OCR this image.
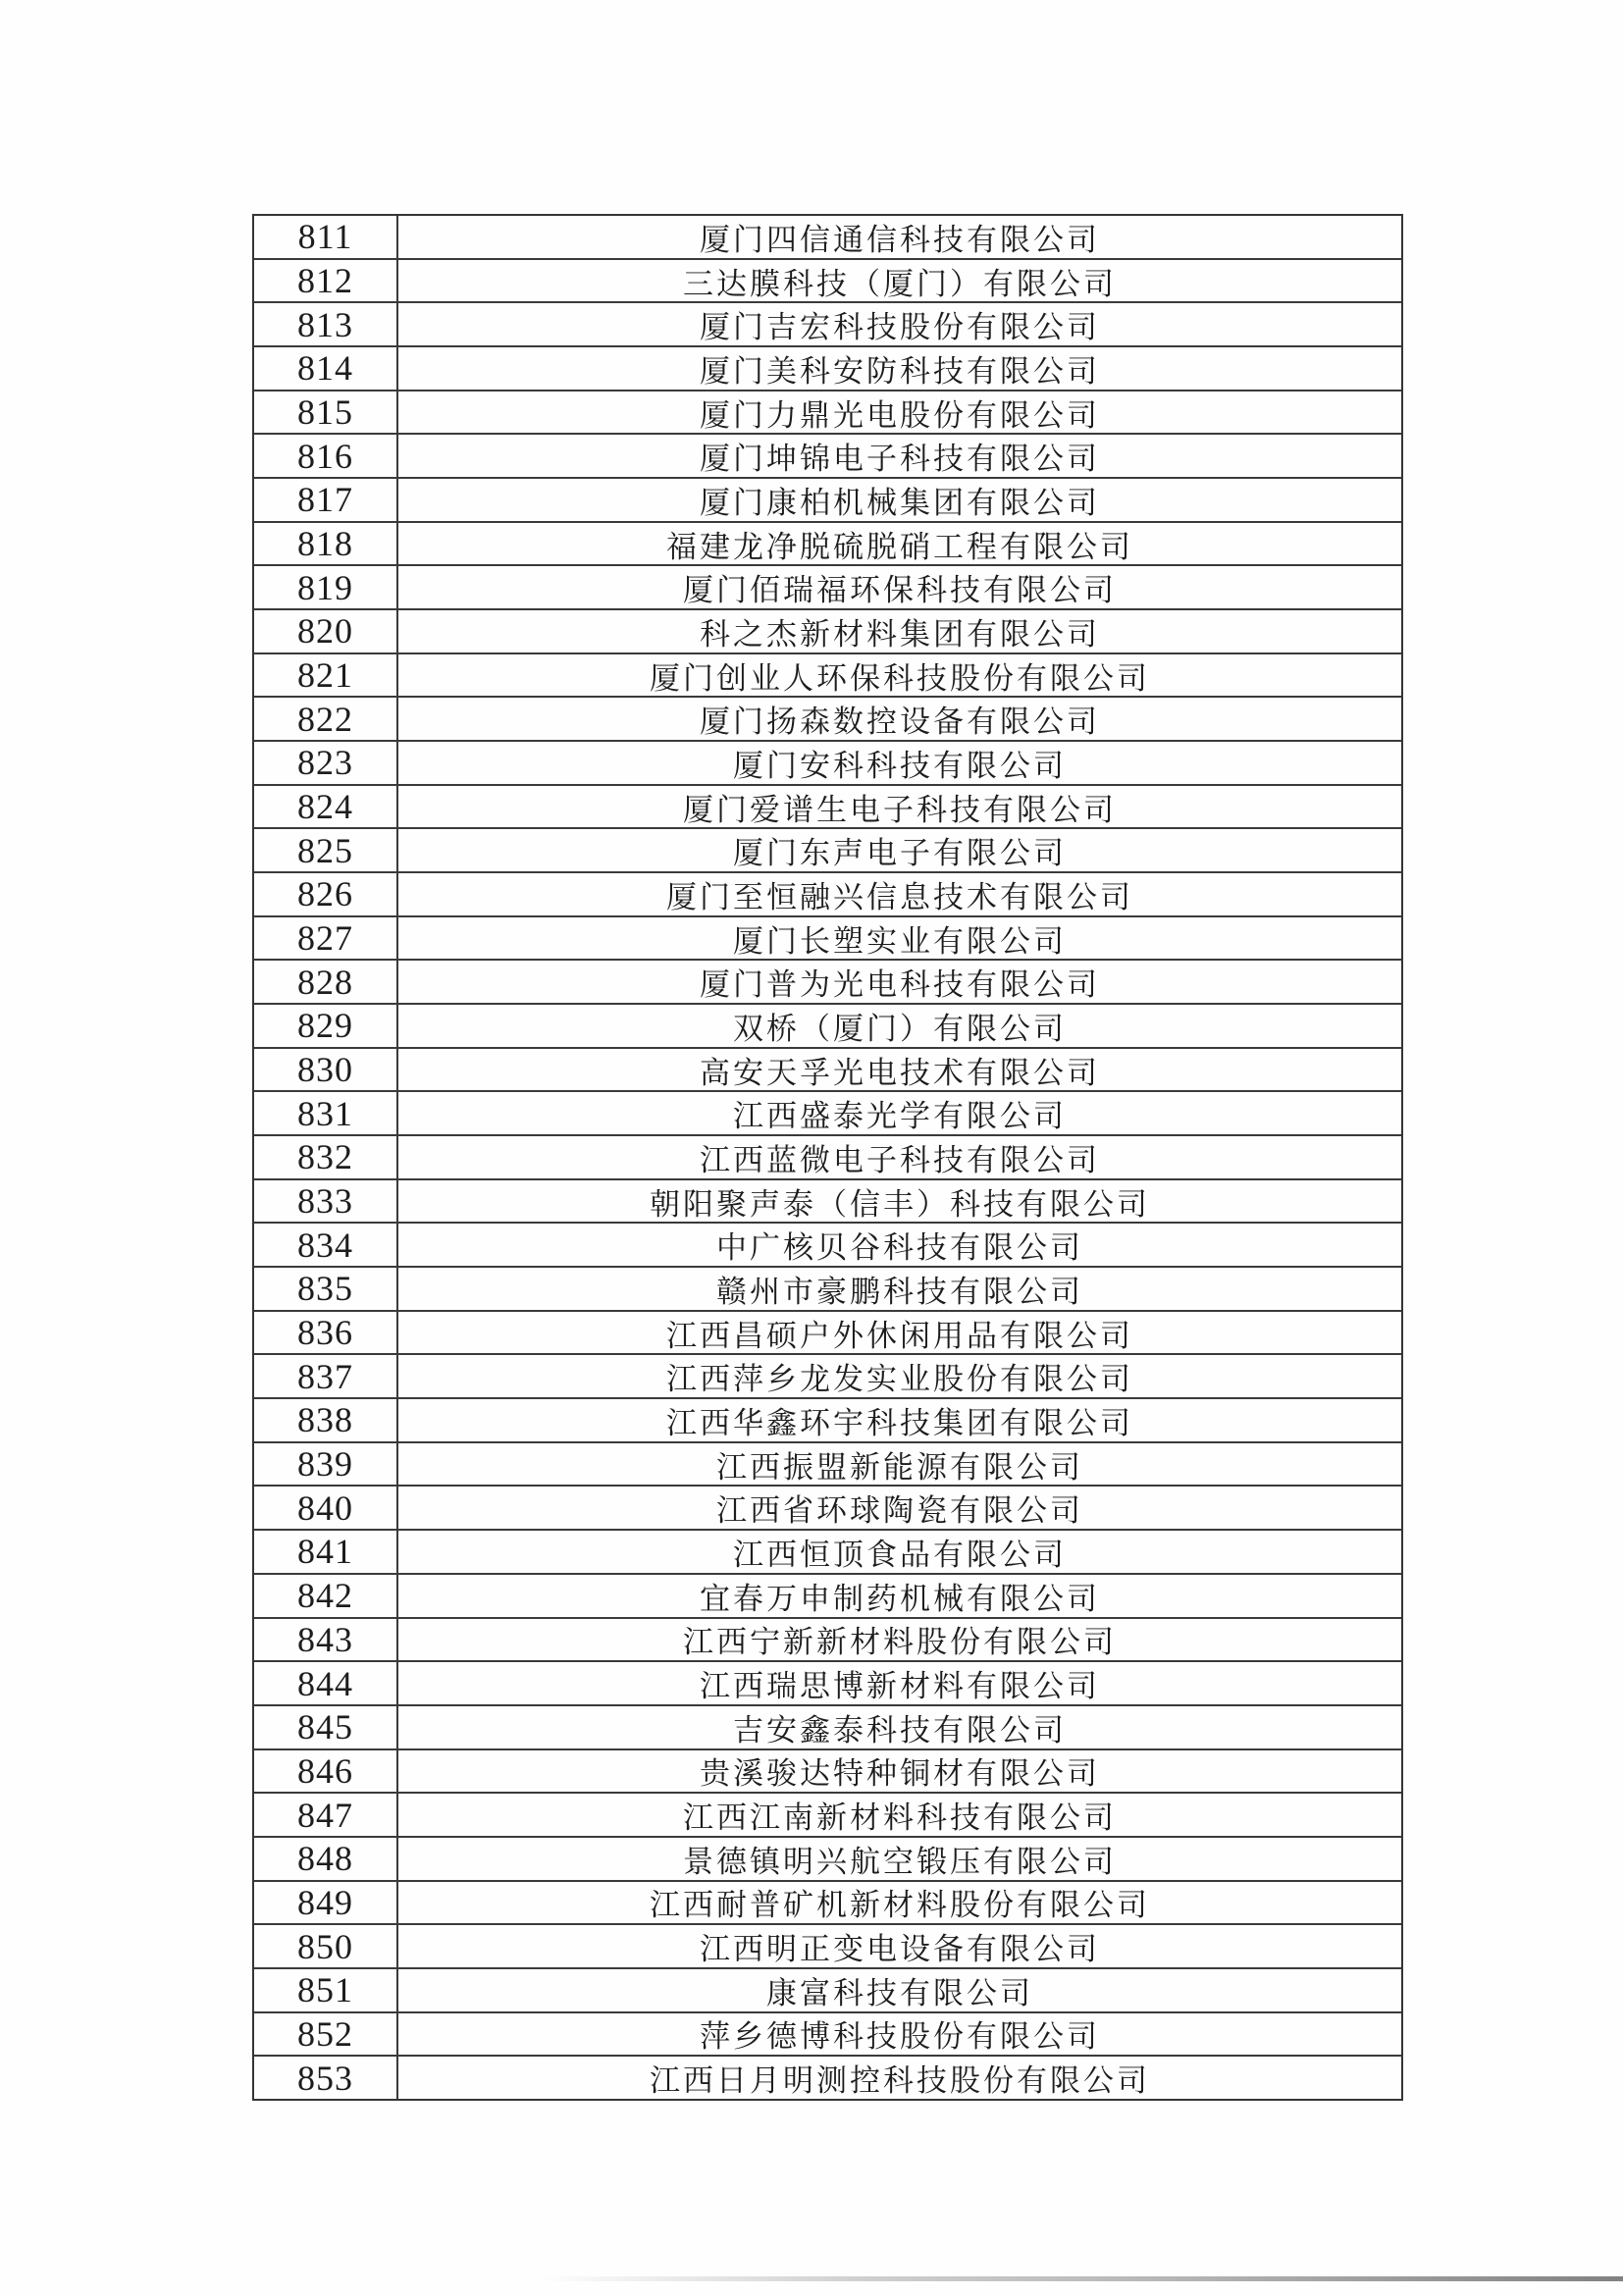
811	厦门四信通信科技有限公司
812	三达膜科技（厦门）有限公司
813	厦门吉宏科技股份有限公司
814	厦门美科安防科技有限公司
815	厦门力鼎光电股份有限公司
816	厦门坤锦电子科技有限公司
817	厦门康柏机械集团有限公司
818	福建龙净脱硫脱硝工程有限公司
819	厦门佰瑞福环保科技有限公司
820	科之杰新材料集团有限公司
821	厦门创业人环保科技股份有限公司
822	厦门扬森数控设备有限公司
823	厦门安科科技有限公司
824	厦门爱谱生电子科技有限公司
825	厦门东声电子有限公司
826	厦门至恒融兴信息技术有限公司
827	厦门长塑实业有限公司
828	厦门普为光电科技有限公司
829	双桥（厦门）有限公司
830	高安天孚光电技术有限公司
831	江西盛泰光学有限公司
832	江西蓝微电子科技有限公司
833	朝阳聚声泰（信丰）科技有限公司
834	中广核贝谷科技有限公司
835	赣州市豪鹏科技有限公司
836	江西昌硕户外休闲用品有限公司
837	江西萍乡龙发实业股份有限公司
838	江西华鑫环宇科技集团有限公司
839	江西振盟新能源有限公司
840	江西省环球陶瓷有限公司
841	江西恒顶食品有限公司
842	宜春万申制药机械有限公司
843	江西宁新新材料股份有限公司
844	江西瑞思博新材料有限公司
845	吉安鑫泰科技有限公司
846	贵溪骏达特种铜材有限公司
847	江西江南新材料科技有限公司
848	景德镇明兴航空锻压有限公司
849	江西耐普矿机新材料股份有限公司
850	江西明正变电设备有限公司
851	康富科技有限公司
852	萍乡德博科技股份有限公司
853	江西日月明测控科技股份有限公司
